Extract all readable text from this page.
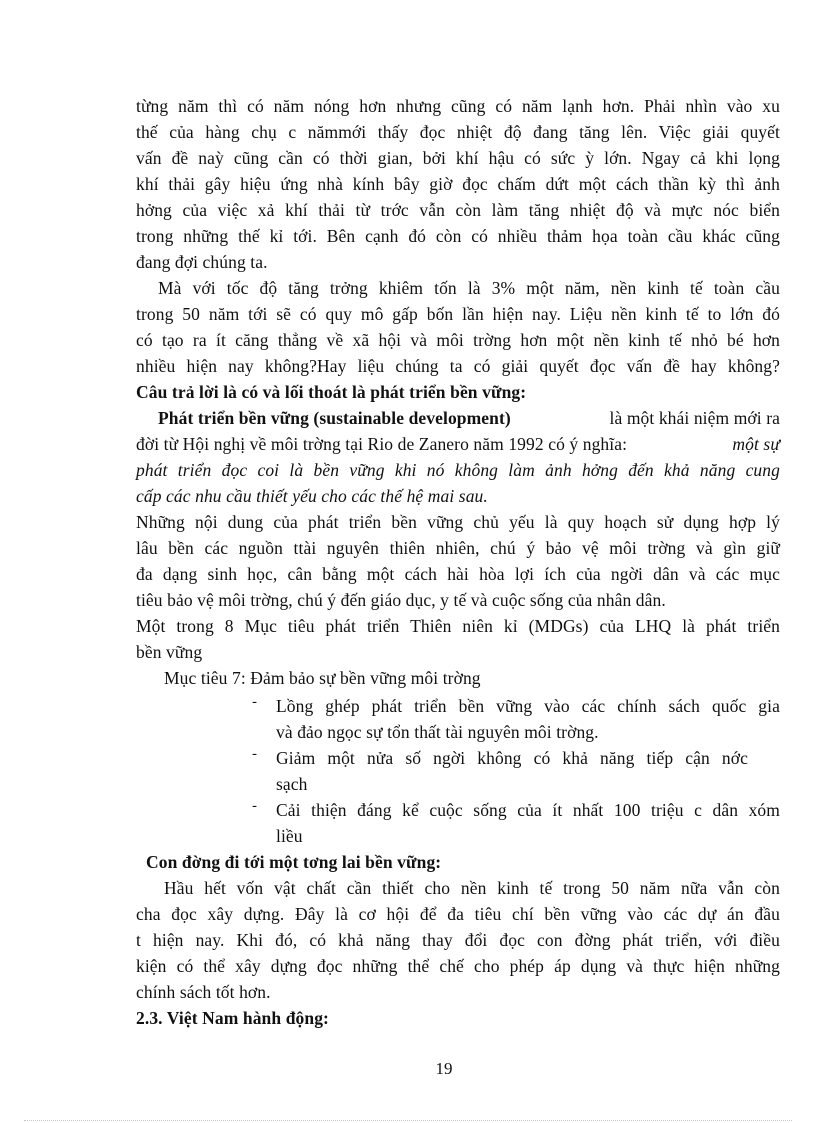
từng năm thì có năm nóng hơn nhưng cũng có năm lạnh hơn. Phải nhìn vào xu
thế của hàng chụ c nămmới thấy đọc nhiệt độ đang tăng lên. Việc giải quyết
vấn đề naỳ cũng cần có thời gian, bởi khí hậu có sức ỳ lớn. Ngay cả khi lọng
khí thải gây hiệu ứng nhà kính bây giờ đọc chấm dứt một cách thần kỳ thì ảnh
hởng của việc xả khí thải từ trớc vẫn còn làm tăng nhiệt độ và mực nóc biển
trong những thế kỉ tới. Bên cạnh đó còn có nhiều thảm họa toàn cầu khác cũng
đang đợi chúng ta.
Mà với tốc độ tăng trởng khiêm tốn là 3% một năm, nền kinh tế toàn cầu
trong 50 năm tới sẽ có quy mô gấp bốn lần hiện nay. Liệu nền kinh tế to lớn đó
có tạo ra ít căng thẳng về xã hội và môi trờng hơn một nền kinh tế nhỏ bé hơn
nhiều hiện nay không?Hay liệu chúng ta có giải quyết đọc vấn đề hay không?
Câu trả lời là có và lối thoát là phát triển bền vững:
Phát triển bền vững (sustainable development)	là một khái niệm mới ra
đời từ Hội nghị về môi trờng tại Rio de Zanero năm 1992 có ý nghĩa:	một sự
phát triển đọc coi là bền vững khi nó không làm ảnh hởng đến khả năng cung
cấp các nhu cầu thiết yếu cho các thế hệ mai sau.
Những nội dung của phát triển bền vững chủ yếu là quy hoạch sử dụng hợp lý
lâu bền các nguồn ttài nguyên thiên nhiên, chú ý bảo vệ môi trờng và gìn giữ
đa dạng sinh học, cân bằng một cách hài hòa lợi ích của ngời dân và các mục
tiêu bảo vệ môi trờng, chú ý đến giáo dục, y tế và cuộc sống của nhân dân.
Một trong 8 Mục tiêu phát triển Thiên niên kỉ (MDGs) của LHQ là phát triển
bền vững
Mục tiêu 7: Đảm bảo sự bền vững môi trờng
- Lồng ghép phát triển bền vững vào các chính sách quốc gia
và đảo ngọc sự tổn thất tài nguyên môi trờng.
- Giảm một nửa số ngời không có khả năng tiếp cận nớc
sạch
- Cải thiện đáng kể cuộc sống của ít nhất 100 triệu c dân xóm
liều
Con đờng đi tới một tơng lai bền vững:
Hầu hết vốn vật chất cần thiết cho nền kinh tế trong 50 năm nữa vẫn còn
cha đọc xây dựng. Đây là cơ hội để đa tiêu chí bền vững vào các dự án đầu
t hiện nay. Khi đó, có khả năng thay đổi đọc con đờng phát triển, với điều
kiện có thể xây dựng đọc những thể chế cho phép áp dụng và thực hiện những
chính sách tốt hơn.
2.3. Việt Nam hành động:
19
